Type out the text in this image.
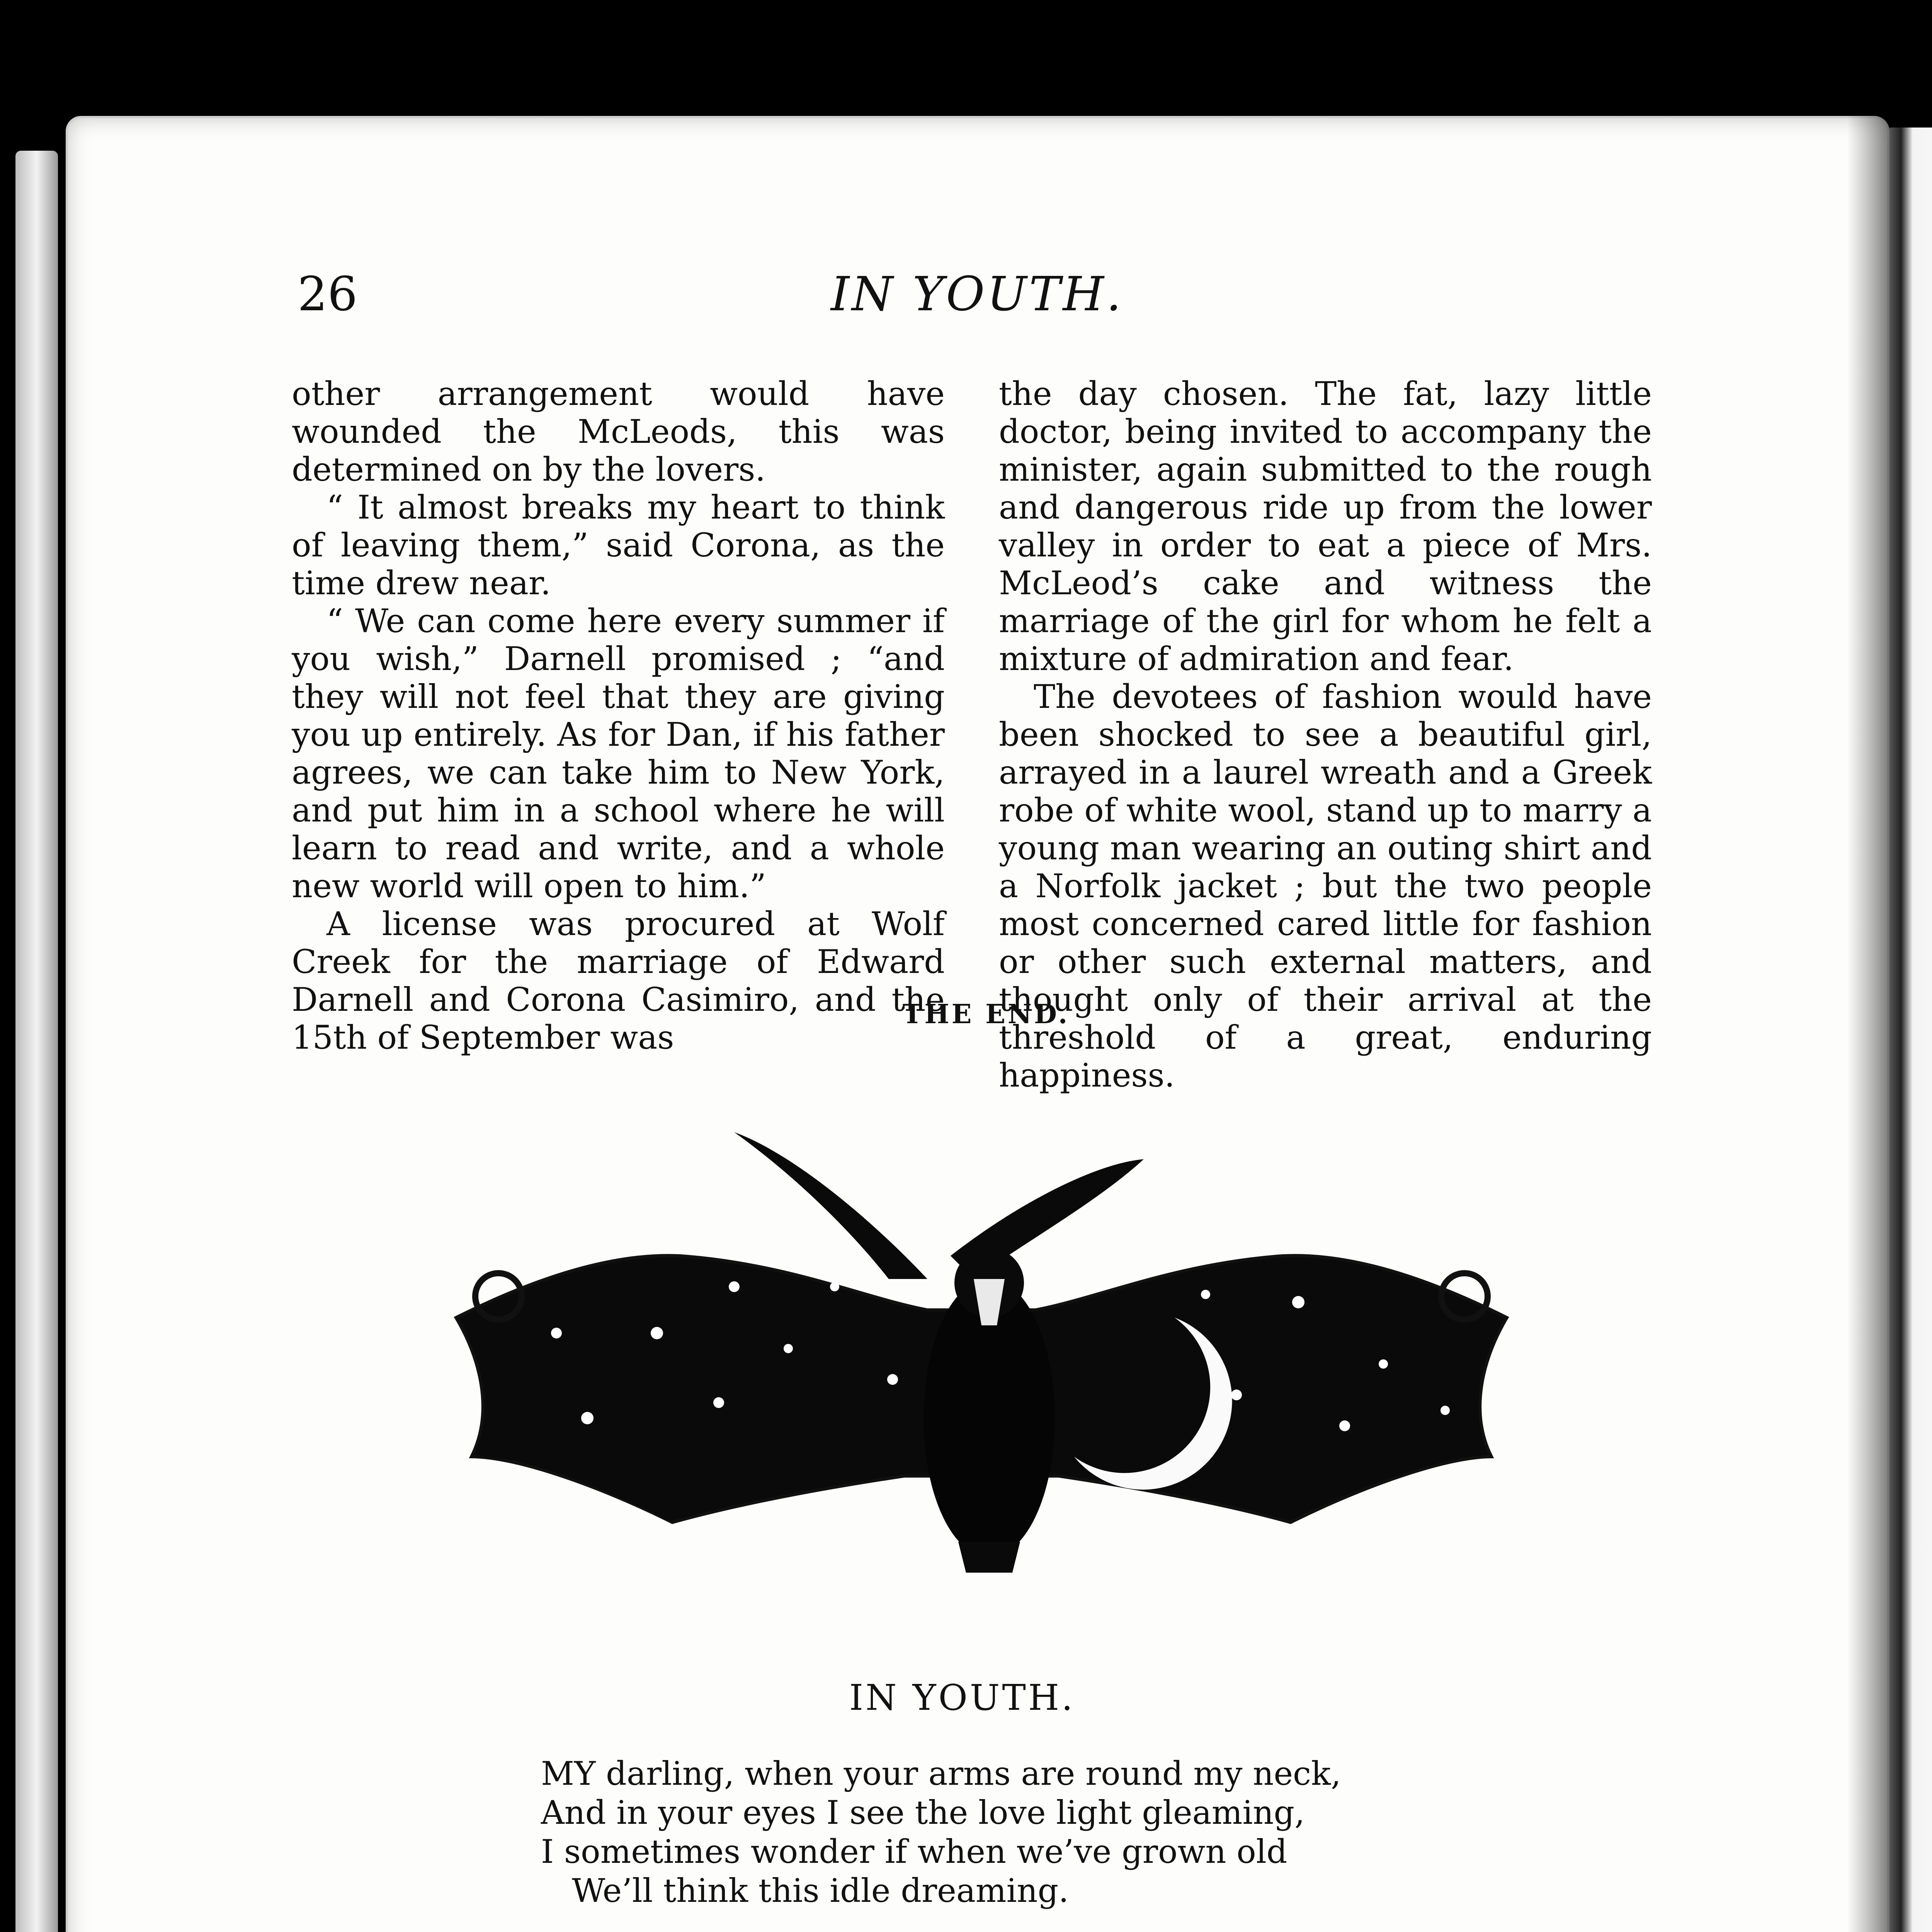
26	IN YOUTH.

other arrangement would have wounded the McLeods, this was determined on by the lovers.

“ It almost breaks my heart to think of leaving them,” said Corona, as the time drew near.

“ We can come here every summer if you wish,” Darnell promised ; “and they will not feel that they are giving you up entirely. As for Dan, if his father agrees, we can take him to New York, and put him in a school where he will learn to read and write, and a whole new world will open to him.”

A license was procured at Wolf Creek for the marriage of Edward Darnell and Corona Casimiro, and the 15th of September was

the day chosen. The fat, lazy little doctor, being invited to accompany the minister, again submitted to the rough and dangerous ride up from the lower valley in order to eat a piece of Mrs. McLeod’s cake and witness the marriage of the girl for whom he felt a mixture of admiration and fear.

The devotees of fashion would have been shocked to see a beautiful girl, arrayed in a laurel wreath and a Greek robe of white wool, stand up to marry a young man wearing an outing shirt and a Norfolk jacket ; but the two people most concerned cared little for fashion or other such external matters, and thought only of their arrival at the threshold of a great, enduring happiness.

THE END.
IN YOUTH.
MY darling, when your arms are round my neck,
And in your eyes I see the love light gleaming,
I sometimes wonder if when we’ve grown old
We’ll think this idle dreaming.
